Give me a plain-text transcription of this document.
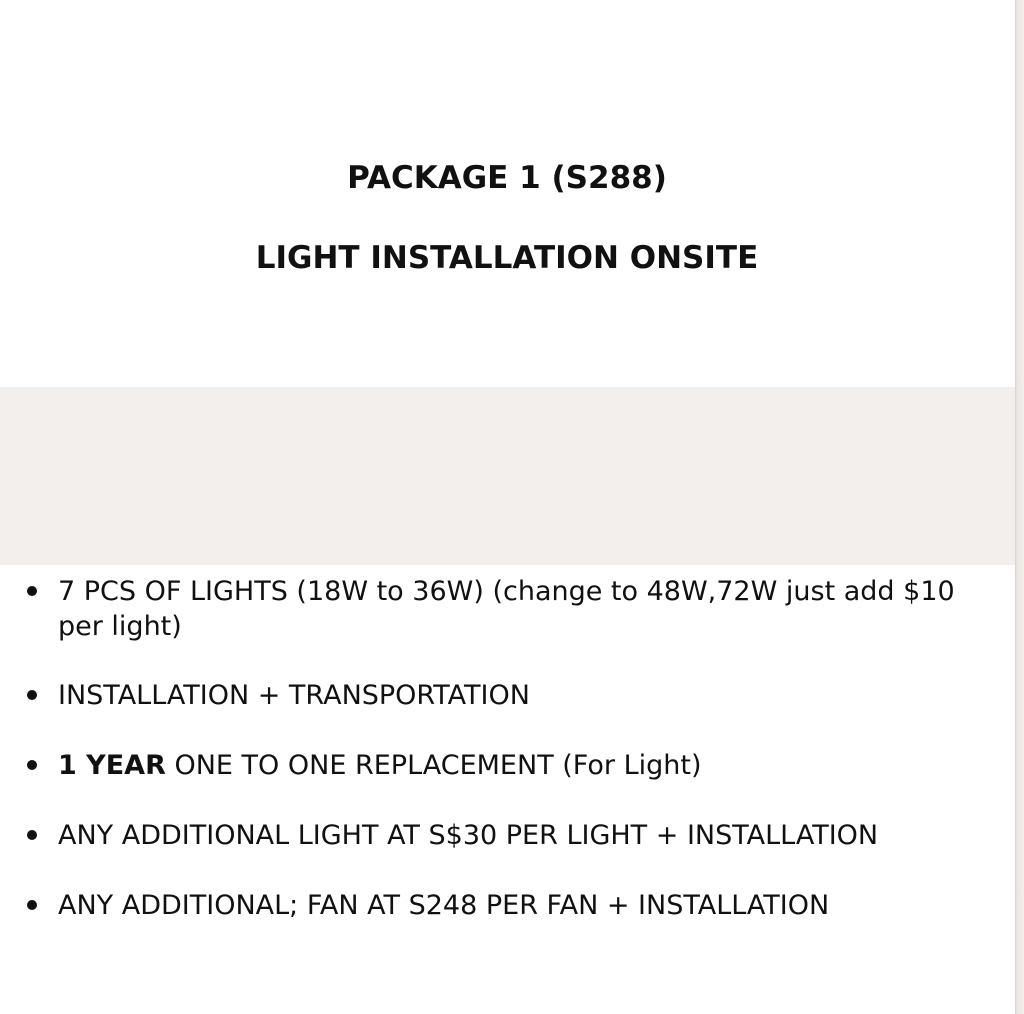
PACKAGE 1 (S288)
LIGHT INSTALLATION ONSITE
7 PCS OF LIGHTS (18W to 36W) (change to 48W,72W just add $10 per light)
INSTALLATION + TRANSPORTATION
1 YEAR ONE TO ONE REPLACEMENT (For Light)
ANY ADDITIONAL LIGHT AT S$30 PER LIGHT + INSTALLATION
ANY ADDITIONAL; FAN AT S248 PER FAN + INSTALLATION
